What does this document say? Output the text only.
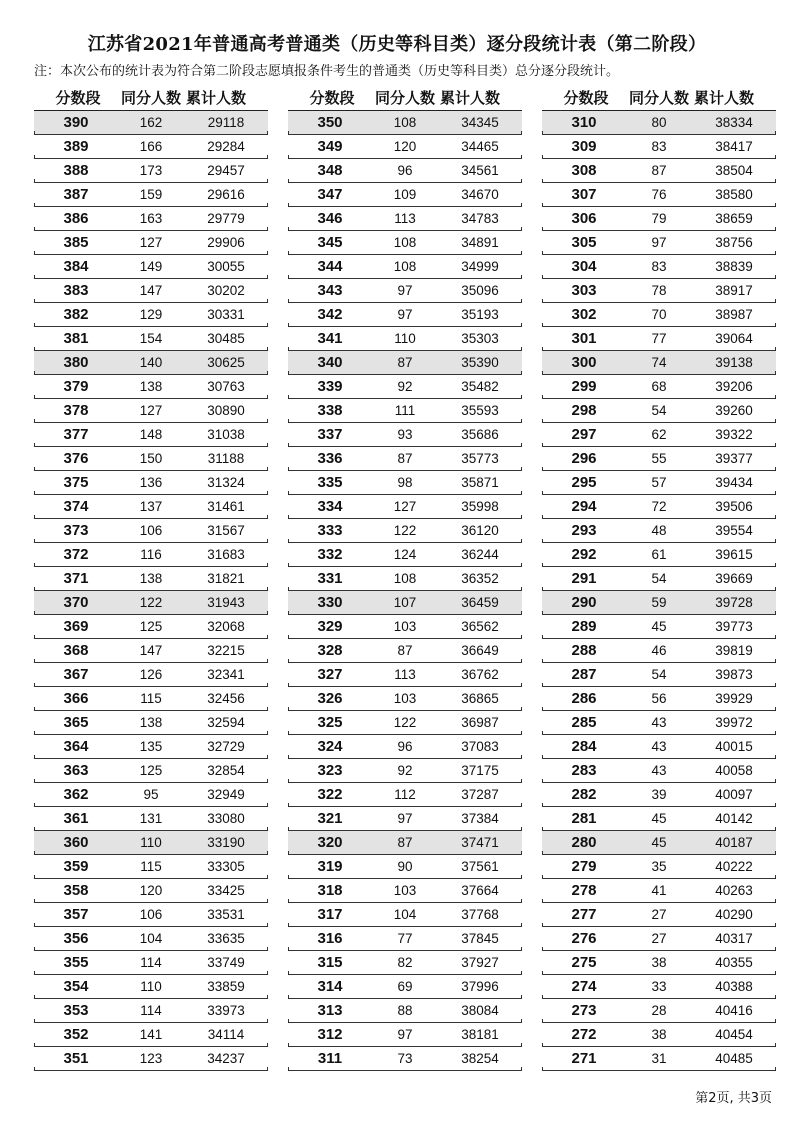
江苏省2021年普通高考普通类（历史等科目类）逐分段统计表（第二阶段）
注：本次公布的统计表为符合第二阶段志愿填报条件考生的普通类（历史等科目类）总分逐分段统计。
分数段	同分人数 累计人数
390	162	29118
389	166	29284
388	173	29457
387	159	29616
386	163	29779
385	127	29906
384	149	30055
383	147	30202
382	129	30331
381	154	30485
380	140	30625
379	138	30763
378	127	30890
377	148	31038
376	150	31188
375	136	31324
374	137	31461
373	106	31567
372	116	31683
371	138	31821
370	122	31943
369	125	32068
368	147	32215
367	126	32341
366	115	32456
365	138	32594
364	135	32729
363	125	32854
362	95	32949
361	131	33080
360	110	33190
359	115	33305
358	120	33425
357	106	33531
356	104	33635
355	114	33749
354	110	33859
353	114	33973
352	141	34114
351	123	34237
分数段	同分人数 累计人数
350	108	34345
349	120	34465
348	96	34561
347	109	34670
346	113	34783
345	108	34891
344	108	34999
343	97	35096
342	97	35193
341	110	35303
340	87	35390
339	92	35482
338	111	35593
337	93	35686
336	87	35773
335	98	35871
334	127	35998
333	122	36120
332	124	36244
331	108	36352
330	107	36459
329	103	36562
328	87	36649
327	113	36762
326	103	36865
325	122	36987
324	96	37083
323	92	37175
322	112	37287
321	97	37384
320	87	37471
319	90	37561
318	103	37664
317	104	37768
316	77	37845
315	82	37927
314	69	37996
313	88	38084
312	97	38181
311	73	38254
分数段	同分人数 累计人数
310	80	38334
309	83	38417
308	87	38504
307	76	38580
306	79	38659
305	97	38756
304	83	38839
303	78	38917
302	70	38987
301	77	39064
300	74	39138
299	68	39206
298	54	39260
297	62	39322
296	55	39377
295	57	39434
294	72	39506
293	48	39554
292	61	39615
291	54	39669
290	59	39728
289	45	39773
288	46	39819
287	54	39873
286	56	39929
285	43	39972
284	43	40015
283	43	40058
282	39	40097
281	45	40142
280	45	40187
279	35	40222
278	41	40263
277	27	40290
276	27	40317
275	38	40355
274	33	40388
273	28	40416
272	38	40454
271	31	40485
第2页, 共3页
